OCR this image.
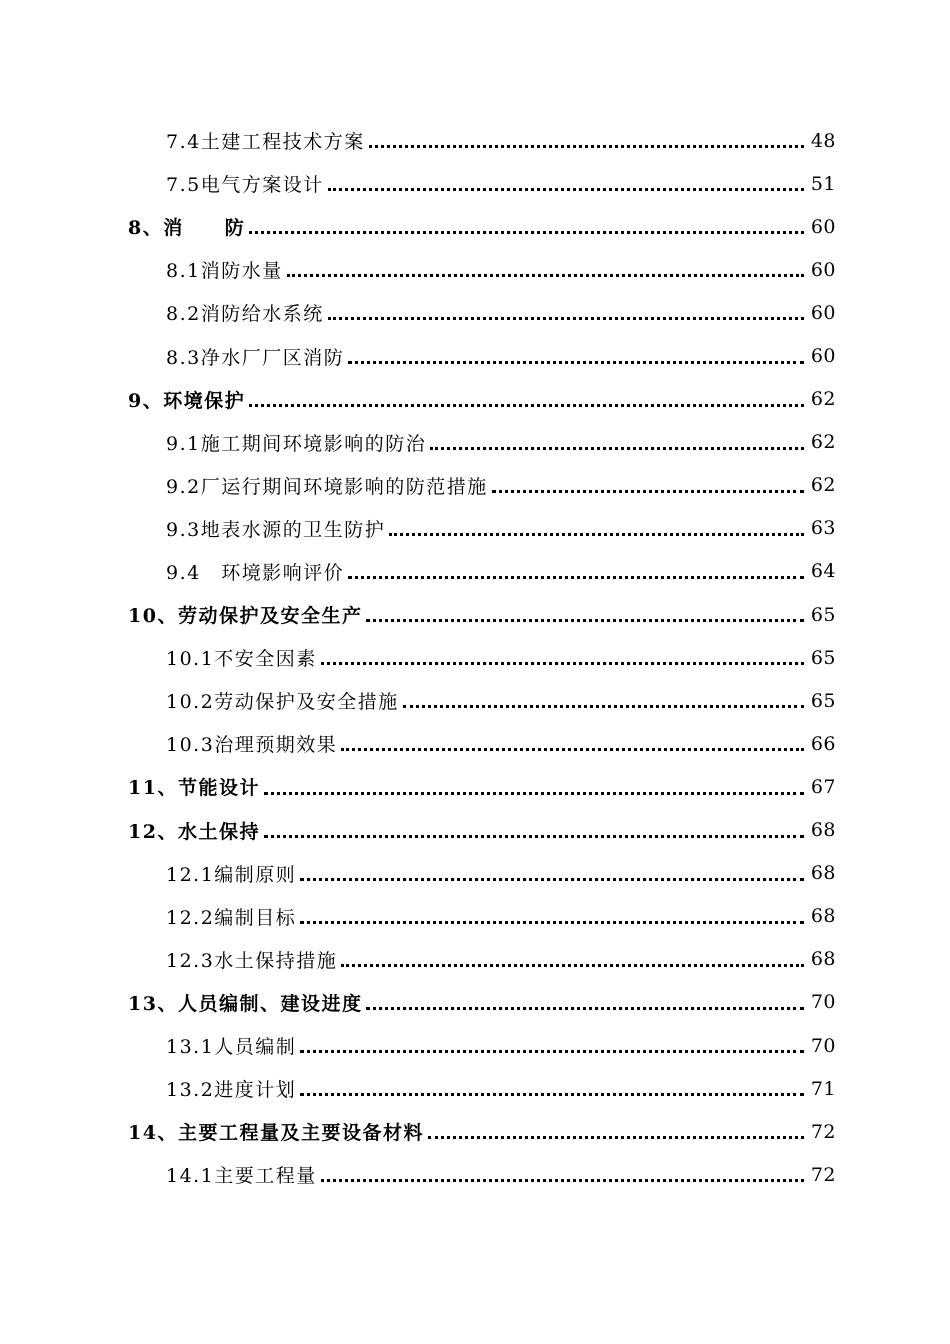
7.4土建工程技术方案	48
7.5电气方案设计	51
8、消　　防	60
8.1消防水量	60
8.2消防给水系统	60
8.3净水厂厂区消防	60
9、环境保护	62
9.1施工期间环境影响的防治	62
9.2厂运行期间环境影响的防范措施	62
9.3地表水源的卫生防护	63
9.4　环境影响评价	64
10、劳动保护及安全生产	65
10.1不安全因素	65
10.2劳动保护及安全措施	65
10.3治理预期效果	66
11、节能设计	67
12、水土保持	68
12.1编制原则	68
12.2编制目标	68
12.3水土保持措施	68
13、人员编制、建设进度	70
13.1人员编制	70
13.2进度计划	71
14、主要工程量及主要设备材料	72
14.1主要工程量	72
